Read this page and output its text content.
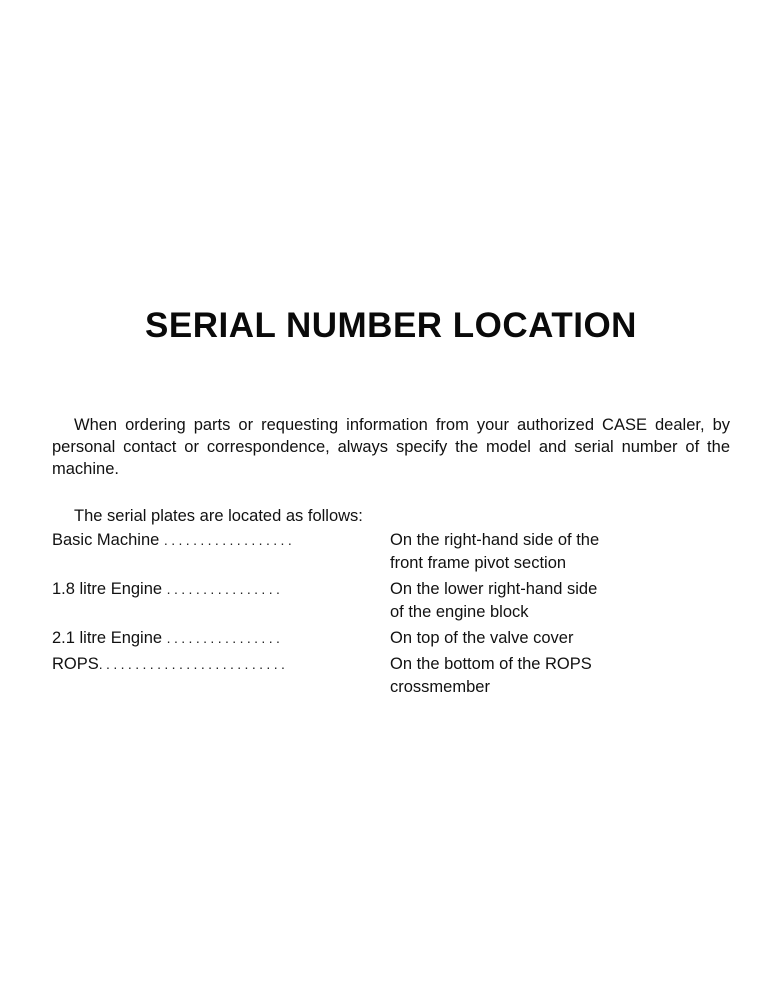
SERIAL NUMBER LOCATION

When ordering parts or requesting information from your authorized CASE dealer, by personal contact or correspondence, always specify the model and serial number of the machine.

The serial plates are located as follows:

Basic Machine ..................	On the right-hand side of the
front frame pivot section
1.8 litre Engine ................	On the lower right-hand side
of the engine block
2.1 litre Engine ................	On top of the valve cover
ROPS..........................	On the bottom of the ROPS
crossmember
